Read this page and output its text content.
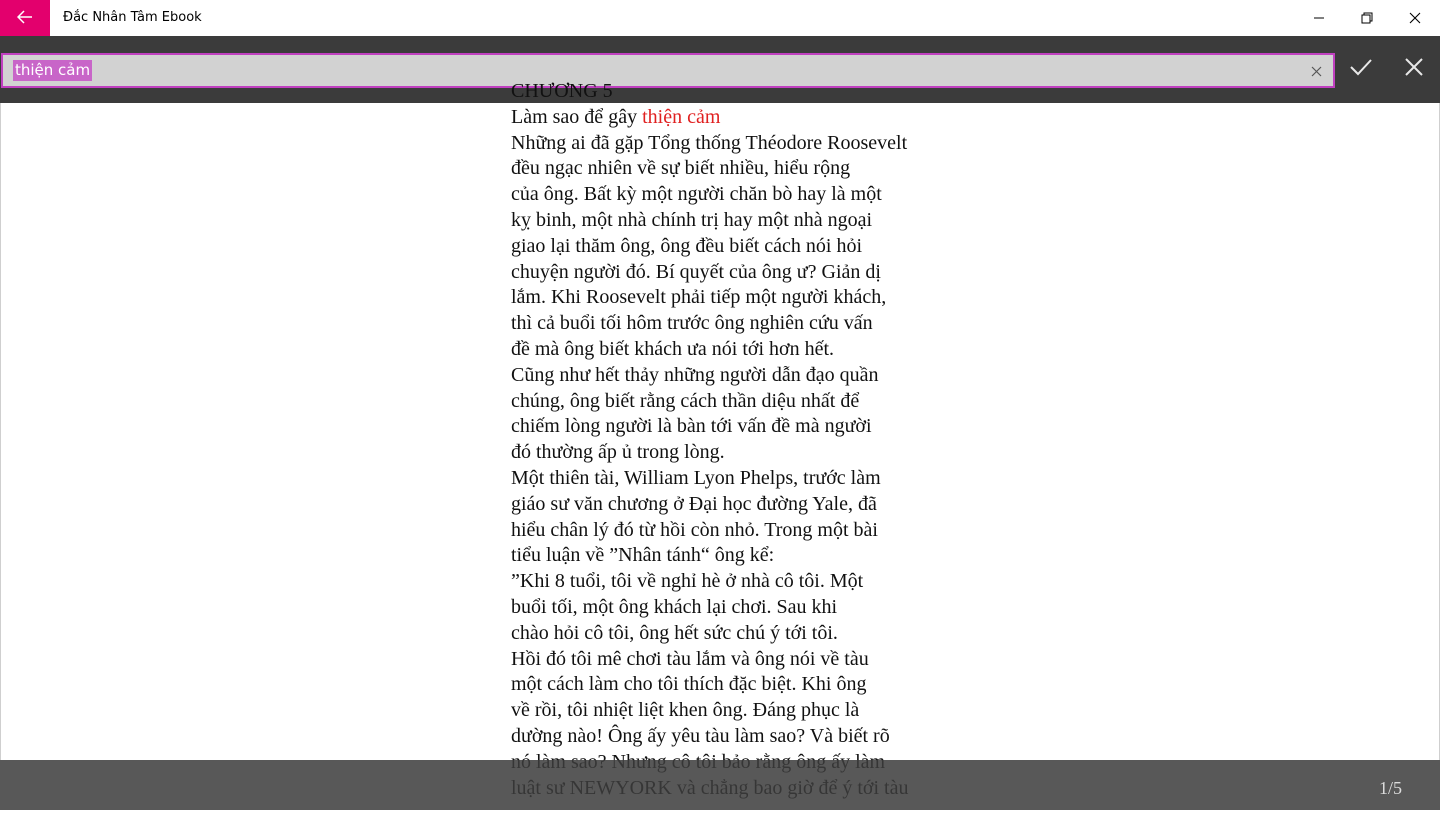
Đắc Nhân Tâm Ebook
thiện cảm
CHƯƠNG 5
Làm sao để gây thiện cảm
Những ai đã gặp Tổng thống Théodore Roosevelt
đều ngạc nhiên về sự biết nhiều, hiểu rộng
của ông. Bất kỳ một người chăn bò hay là một
kỵ binh, một nhà chính trị hay một nhà ngoại
giao lại thăm ông, ông đều biết cách nói hỏi
chuyện người đó. Bí quyết của ông ư? Giản dị
lắm. Khi Roosevelt phải tiếp một người khách,
thì cả buổi tối hôm trước ông nghiên cứu vấn
đề mà ông biết khách ưa nói tới hơn hết.
Cũng như hết thảy những người dẫn đạo quần
chúng, ông biết rằng cách thần diệu nhất để
chiếm lòng người là bàn tới vấn đề mà người
đó thường ấp ủ trong lòng.
Một thiên tài, William Lyon Phelps, trước làm
giáo sư văn chương ở Đại học đường Yale, đã
hiểu chân lý đó từ hồi còn nhỏ. Trong một bài
tiểu luận về ”Nhân tánh“ ông kể:
”Khi 8 tuổi, tôi về nghỉ hè ở nhà cô tôi. Một
buổi tối, một ông khách lại chơi. Sau khi
chào hỏi cô tôi, ông hết sức chú ý tới tôi.
Hồi đó tôi mê chơi tàu lắm và ông nói về tàu
một cách làm cho tôi thích đặc biệt. Khi ông
về rồi, tôi nhiệt liệt khen ông. Đáng phục là
dường nào! Ông ấy yêu tàu làm sao? Và biết rõ
1/5
